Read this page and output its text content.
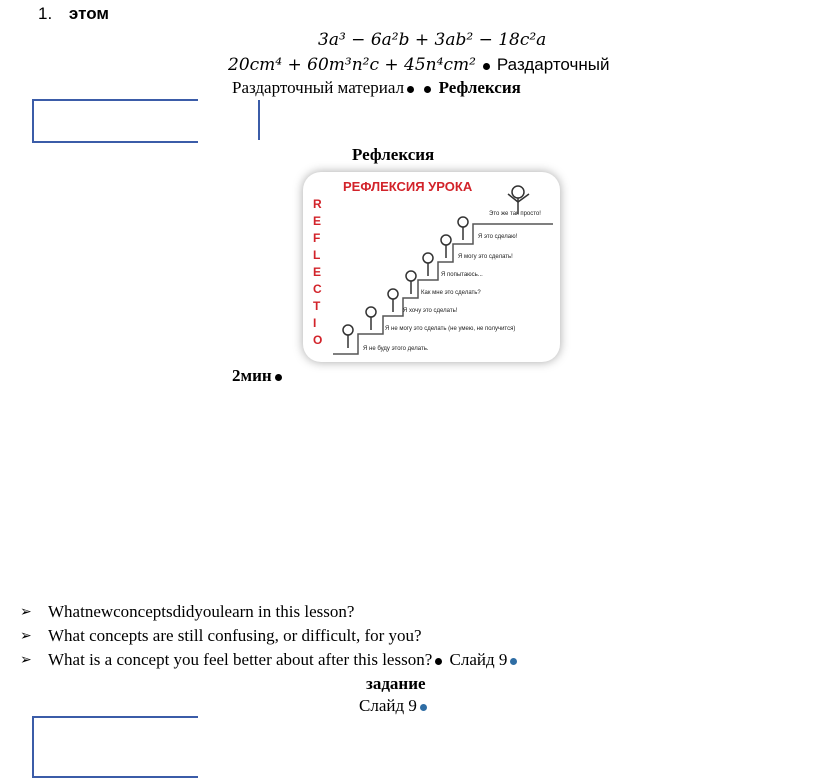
1. этом
3a³ − 6a²b + 3ab² − 18c²a
20cm⁴ + 60m³n²c + 45n⁴cm² Раздарточный
Раздарточный материал Рефлексия
Рефлексия
РЕФЛЕКСИЯ УРОКА
R
E
F
L
E
C
T
I
O
Это же так просто!
Я это сделаю!
Я могу это сделать!
Я попытаюсь...
Как мне это сделать?
Я хочу это сделать!
Я не могу это сделать (не умею, не получится)
Я не буду этого делать.
2мин
➢ Whatnewconceptsdidyoulearn in this lesson?
➢ What concepts are still confusing, or difficult, for you?
➢ What is a concept you feel better about after this lesson? Слайд 9
задание
Слайд 9
